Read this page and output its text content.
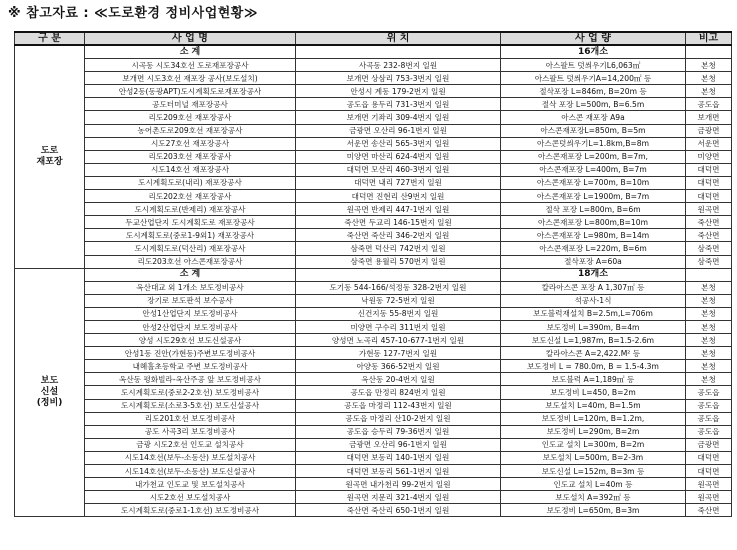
※ 참고자료 : ≪도로환경 정비사업현황≫
구 분	사 업 명	위 치	사 업 량	비고

도로
재포장	소 계		16개소	
	시곡동 시도34호선 도로재포장공사	사곡동 232-8번지 일원	아스팔트 덧씌우기L6,063㎡	본청
	보개면 시도3호선 재포장 공사(보도설치)	보개면 상삼리 753-3번지 일원	아스팔트 덧씌우기A=14,200㎡ 등	본청
	안성2동(동광APT)도시계획도로재포장공사	안성시 계동 179-2번지 일원	절삭포장 L=846m, B=20m 등	본청
	공도터미널 재포장공사	공도읍 용두리 731-3번지 일원	절삭 포장 L=500m, B=6.5m	공도읍
	리도209호선 재포장공사	보개면 기좌리 309-4번지 일원	아스콘 재포장 A9a	보개면
	농어촌도로209호선 재포장공사	금광면 오산리 96-1번지 일원	아스콘재포장L=850m, B=5m	금광면
	시도27호선 재포장공사	서운면 송산리 565-3번지 일원	아스콘덧씌우기L=1.8km,B=8m	서운면
	리도203호선 재포장공사	미양면 마산리 624-4번지 일원	아스콘재포장 L=200m, B=7m,	미양면
	시도14호선 재포장공사	대덕면 모산리 460-3번지 일원	아스콘재포장 L=400m, B=7m	대덕면
	도시계획도로(내리) 재포장공사	대덕면 내리 727번지 일원	아스콘재포장 L=700m, B=10m	대덕면
	리도202호선 재포장공사	대덕면 진현리 산9번지 일원	아스콘재포장 L=1900m, B=7m	대덕면
	도시계획도로(반제리) 재포장공사	원곡면 반제리 447-1번지 일원	절삭 포장 L=800m, B=6m	원곡면
	두교산업단지 도시계획도로 재포장공사	죽산면 두교리 146-15번지 일원	아스콘재포장 L=800m,B=10m	죽산면
	도시계획도로(중로1-9외1) 재포장공사	죽산면 죽산리 346-2번지 일원	아스콘재포장 L=980m, B=14m	죽산면
	도시계획도로(덕산리) 재포장공사	삼죽면 덕산리 742번지 일원	아스콘재포장 L=220m, B=6m	삼죽면
	리도203호선 아스콘재포장공사	삼죽면 용월리 570번지 일원	절삭포장 A=60a	삼죽면

보도
신설
(정비)	소 계		18개소	
	옥산대교 외 1개소 보도정비공사	도기동 544-166/석정동 328-2번지 일원	칼라아스콘 포장 A 1,307㎡ 등	본청
	장기로 보도판석 보수공사	낙원동 72-5번지 일원	석공사-1식	본청
	안성1산업단지 보도정비공사	신건지동 55-8번지 일원	보도블럭재설치 B=2.5m,L=706m	본청
	안성2산업단지 보도정비공사	미양면 구수리 311번지 일원	보도정비 L=390m, B=4m	본청
	양성 시도29호선 보도신설공사	양성면 노곡리 457-10-677-1번지 일원	보도신설 L=1,987m, B=1.5-2.6m	본청
	안성1동 진안(가현동)주변보도정비공사	가현동 127-7번지 일원	칼라아스콘 A=2,422.M² 등	본청
	내혜홀초등학교 주변 보도정비공사	아양동 366-52번지 일원	보도정비 L = 780.0m, B = 1.5-4.3m	본청
	옥산동 평화빌라-옥산주공 앞 보도정비공사	옥산동 20-4번지 일원	보도블럭 A=1,189㎡ 등	본청
	도시계획도로(중로2-2호선) 보도정비공사	공도읍 만정리 824번지 일원	보도정비 L=450, B=2m	공도읍
	도시계획도로(소로3-5호선) 보도신설공사	공도읍 마정리 112-43번지 일원	보도설치 L=40m, B=1.5m	공도읍
	리도201호선 보도정비공사	공도읍 마정리 산10-2번지 일원	보도정비 L=120m, B=1.2m,	공도읍
	공도 사곡3리 보도정비공사	공도읍 승두리 79-36번지 일원	보도정비 L=290m, B=2m	공도읍
	금광 시도2호선 인도교 설치공사	금광면 오산리 96-1번지 일원	인도교 설치 L=300m, B=2m	금광면
	시도14호선(보두-소동산) 보도설치공사	대덕면 보동리 140-1번지 일원	보도설치 L=500m, B=2-3m	대덕면
	시도14호선(보두-소동산) 보도신설공사	대덕면 보동리 561-1번지 일원	보도신설 L=152m, B=3m 등	대덕면
	내가천교 인도교 및 보도설치공사	원곡면 내가천리 99-2번지 일원	인도교 설치 L=40m 등	원곡면
	시도2호선 보도설치공사	원곡면 지문리 321-4번지 일원	보도설치 A=392㎡ 등	원곡면
	도시계획도로(중로1-1호선) 보도정비공사	죽산면 죽산리 650-1번지 일원	보도정비 L=650m, B=3m	죽산면
